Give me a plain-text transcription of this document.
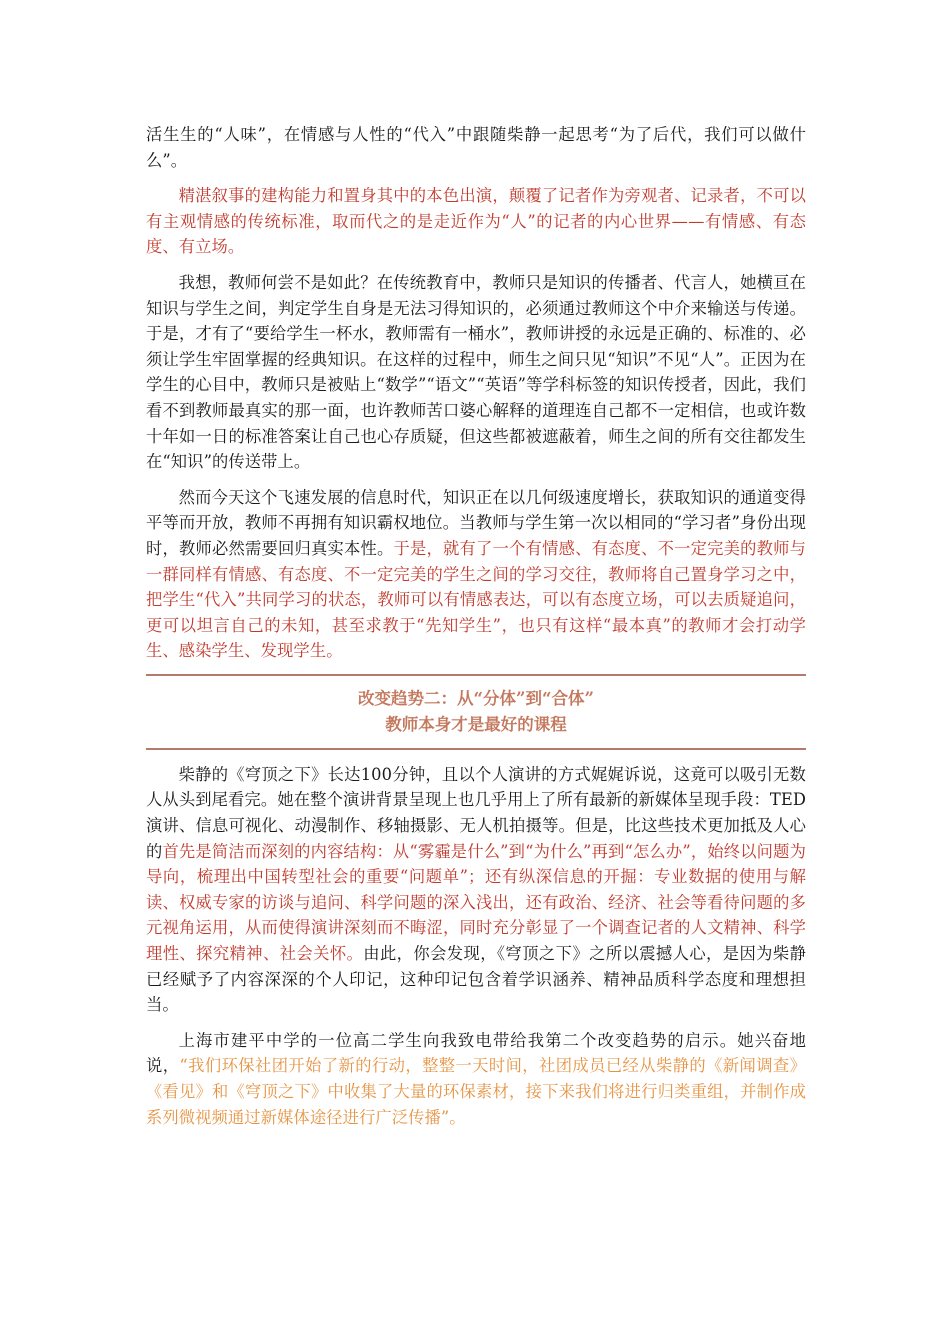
活生生的“人味”，在情感与人性的“代入”中跟随柴静一起思考“为了后代，我们可以做什么”。

精湛叙事的建构能力和置身其中的本色出演，颠覆了记者作为旁观者、记录者，不可以有主观情感的传统标准，取而代之的是走近作为“人”的记者的内心世界——有情感、有态度、有立场。

我想，教师何尝不是如此？在传统教育中，教师只是知识的传播者、代言人，她横亘在知识与学生之间，判定学生自身是无法习得知识的，必须通过教师这个中介来输送与传递。于是，才有了“要给学生一杯水，教师需有一桶水”，教师讲授的永远是正确的、标准的、必须让学生牢固掌握的经典知识。在这样的过程中，师生之间只见“知识”不见“人”。正因为在学生的心目中，教师只是被贴上“数学”“语文”“英语”等学科标签的知识传授者，因此，我们看不到教师最真实的那一面，也许教师苦口婆心解释的道理连自己都不一定相信，也或许数十年如一日的标准答案让自己也心存质疑，但这些都被遮蔽着，师生之间的所有交往都发生在“知识”的传送带上。

然而今天这个飞速发展的信息时代，知识正在以几何级速度增长，获取知识的通道变得平等而开放，教师不再拥有知识霸权地位。当教师与学生第一次以相同的“学习者”身份出现时，教师必然需要回归真实本性。于是，就有了一个有情感、有态度、不一定完美的教师与一群同样有情感、有态度、不一定完美的学生之间的学习交往，教师将自己置身学习之中，把学生“代入”共同学习的状态，教师可以有情感表达，可以有态度立场，可以去质疑追问，更可以坦言自己的未知，甚至求教于“先知学生”，也只有这样“最本真”的教师才会打动学生、感染学生、发现学生。

改变趋势二：从“分体”到“合体”
教师本身才是最好的课程

柴静的《穹顶之下》长达100分钟，且以个人演讲的方式娓娓诉说，这竟可以吸引无数人从头到尾看完。她在整个演讲背景呈现上也几乎用上了所有最新的新媒体呈现手段：TED演讲、信息可视化、动漫制作、移轴摄影、无人机拍摄等。但是，比这些技术更加抵及人心的首先是简洁而深刻的内容结构：从“雾霾是什么”到“为什么”再到“怎么办”，始终以问题为导向，梳理出中国转型社会的重要“问题单”；还有纵深信息的开掘：专业数据的使用与解读、权威专家的访谈与追问、科学问题的深入浅出，还有政治、经济、社会等看待问题的多元视角运用，从而使得演讲深刻而不晦涩，同时充分彰显了一个调查记者的人文精神、科学理性、探究精神、社会关怀。由此，你会发现，《穹顶之下》之所以震撼人心，是因为柴静已经赋予了内容深深的个人印记，这种印记包含着学识涵养、精神品质科学态度和理想担当。

上海市建平中学的一位高二学生向我致电带给我第二个改变趋势的启示。她兴奋地说，“我们环保社团开始了新的行动，整整一天时间，社团成员已经从柴静的《新闻调查》《看见》和《穹顶之下》中收集了大量的环保素材，接下来我们将进行归类重组，并制作成系列微视频通过新媒体途径进行广泛传播”。
